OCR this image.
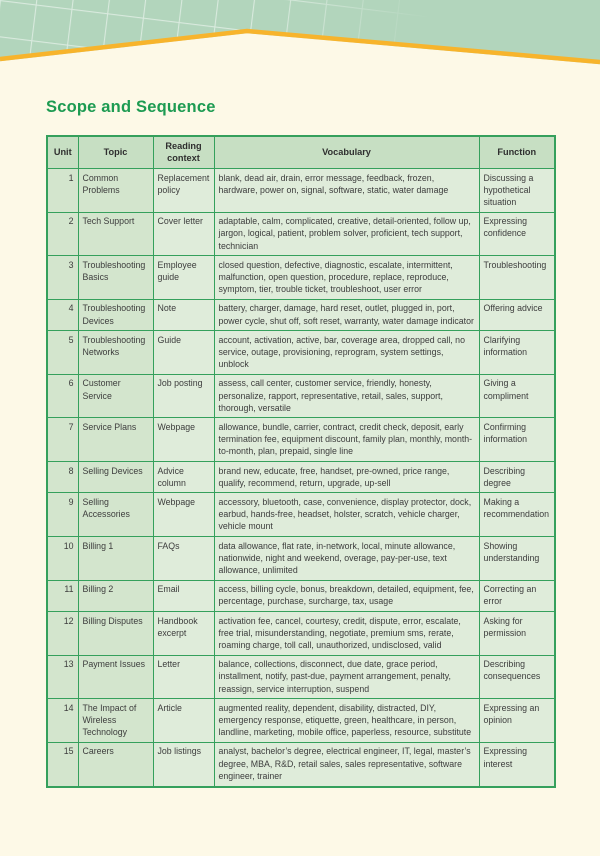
Scope and Sequence
Unit	Topic	Reading context	Vocabulary	Function
1	Common Problems	Replacement policy	blank, dead air, drain, error message, feedback, frozen, hardware, power on, signal, software, static, water damage	Discussing a hypothetical situation
2	Tech Support	Cover letter	adaptable, calm, complicated, creative, detail-oriented, follow up, jargon, logical, patient, problem solver, proficient, tech support, technician	Expressing confidence
3	Troubleshooting Basics	Employee guide	closed question, defective, diagnostic, escalate, intermittent, malfunction, open question, procedure, replace, reproduce, symptom, tier, trouble ticket, troubleshoot, user error	Troubleshooting
4	Troubleshooting Devices	Note	battery, charger, damage, hard reset, outlet, plugged in, port, power cycle, shut off, soft reset, warranty, water damage indicator	Offering advice
5	Troubleshooting Networks	Guide	account, activation, active, bar, coverage area, dropped call, no service, outage, provisioning, reprogram, system settings, unblock	Clarifying information
6	Customer Service	Job posting	assess, call center, customer service, friendly, honesty, personalize, rapport, representative, retail, sales, support, thorough, versatile	Giving a compliment
7	Service Plans	Webpage	allowance, bundle, carrier, contract, credit check, deposit, early termination fee, equipment discount, family plan, monthly, month-to-month, plan, prepaid, single line	Confirming information
8	Selling Devices	Advice column	brand new, educate, free, handset, pre-owned, price range, qualify, recommend, return, upgrade, up-sell	Describing degree
9	Selling Accessories	Webpage	accessory, bluetooth, case, convenience, display protector, dock, earbud, hands-free, headset, holster, scratch, vehicle charger, vehicle mount	Making a recommendation
10	Billing 1	FAQs	data allowance, flat rate, in-network, local, minute allowance, nationwide, night and weekend, overage, pay-per-use, text allowance, unlimited	Showing understanding
11	Billing 2	Email	access, billing cycle, bonus, breakdown, detailed, equipment, fee, percentage, purchase, surcharge, tax, usage	Correcting an error
12	Billing Disputes	Handbook excerpt	activation fee, cancel, courtesy, credit, dispute, error, escalate, free trial, misunderstanding, negotiate, premium sms, rerate, roaming charge, toll call, unauthorized, undisclosed, valid	Asking for permission
13	Payment Issues	Letter	balance, collections, disconnect, due date, grace period, installment, notify, past-due, payment arrangement, penalty, reassign, service interruption, suspend	Describing consequences
14	The Impact of Wireless Technology	Article	augmented reality, dependent, disability, distracted, DIY, emergency response, etiquette, green, healthcare, in person, landline, marketing, mobile office, paperless, resource, substitute	Expressing an opinion
15	Careers	Job listings	analyst, bachelor’s degree, electrical engineer, IT, legal, master’s degree, MBA, R&D, retail sales, sales representative, software engineer, trainer	Expressing interest
